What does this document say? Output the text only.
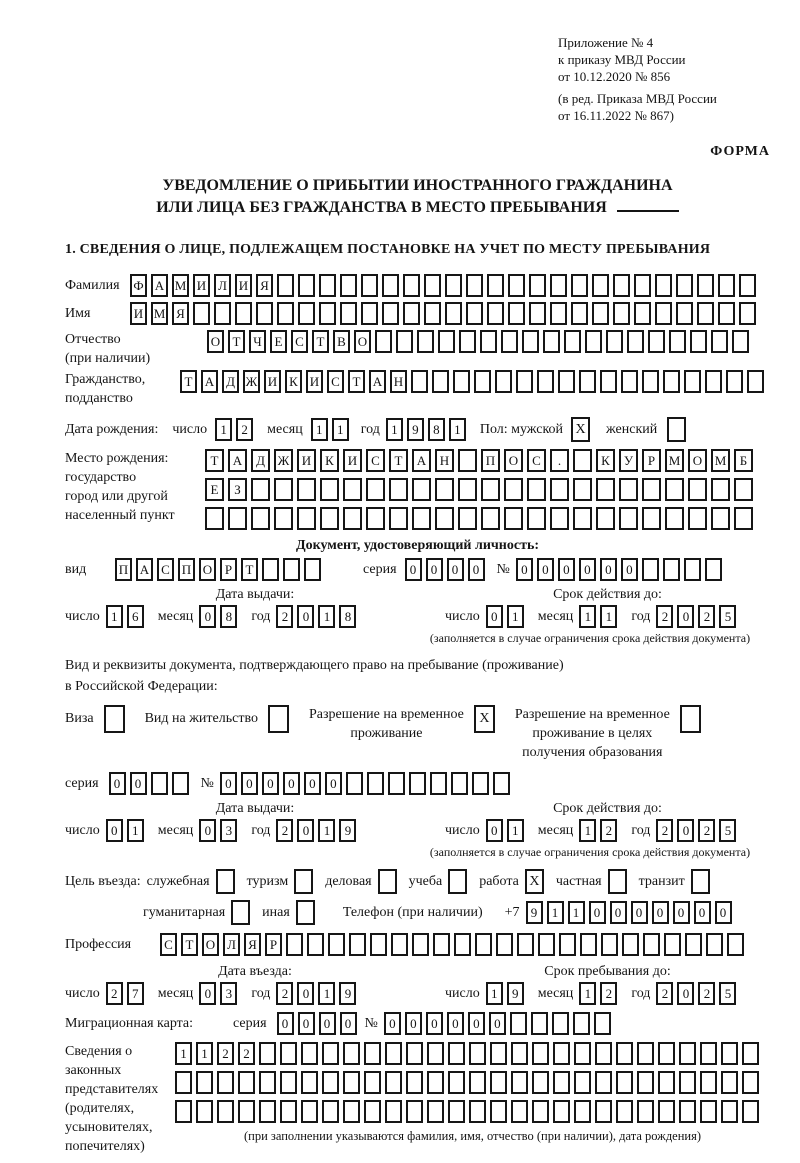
Приложение № 4
к приказу МВД России
от 10.12.2020 № 856
(в ред. Приказа МВД России
от 16.11.2022 № 867)
ФОРМА
УВЕДОМЛЕНИЕ О ПРИБЫТИИ ИНОСТРАННОГО ГРАЖДАНИНА
ИЛИ ЛИЦА БЕЗ ГРАЖДАНСТВА В МЕСТО ПРЕБЫВАНИЯ
1. СВЕДЕНИЯ О ЛИЦЕ, ПОДЛЕЖАЩЕМ ПОСТАНОВКЕ НА УЧЕТ ПО МЕСТУ ПРЕБЫВАНИЯ
Фамилия	Ф А М И Л И Я
Имя	И М Я
Отчество
(при наличии)
О Т Ч Е С Т В О
Гражданство,
подданство
Т А Д Ж И К И С Т А Н
Дата рождения: число	1	2	месяц	1	1	год 1	9	8	1	Пол: мужской X	женский
Место рождения:
государство
город или другой
населенный пункт
Т	А	Д Ж И	К	И	С	Т	А	Н	П	О	С	.	К	У	Р	М О М	Б
Е	З
Документ, удостоверяющий личность:
вид	П А С П О Р	Т	серия	0	0	0	0	№ 0	0	0	0	0	0
Дата выдачи:
число 1	6	месяц 0	8	год 2	0	1	8
Срок действия до:
число 0	1	месяц 1	1	год 2	0	2	5
(заполняется в случае ограничения срока действия документа)
Вид и реквизиты документа, подтверждающего право на пребывание (проживание)
в Российской Федерации:
Виза	Вид на жительство	Разрешение на временное
проживание
X	Разрешение на временное
проживание в целях
получения образования
серия	0	0	№ 0	0	0	0	0	0
Дата выдачи:
число 0	1	месяц 0	3	год 2	0	1	9
Срок действия до:
число 0	1	месяц 1	2	год 2	0	2	5
(заполняется в случае ограничения срока действия документа)
Цель въезда: служебная	туризм	деловая	учеба	работа X	частная	транзит
гуманитарная	иная	Телефон (при наличии) +7 9	1	1	0	0	0	0	0	0	0
Профессия	С Т О Л Я	Р
Дата въезда:
число 2	7	месяц 0	3	год 2	0	1	9
Срок пребывания до:
число 1	9	месяц 1	2	год 2	0	2	5
Миграционная карта:	серия	0	0	0	0 № 0	0	0	0	0	0
Сведения о
законных
представителях
(родителях,
усыновителях,
попечителях)
1	1	2	2
(при заполнении указываются фамилия, имя, отчество (при наличии), дата рождения)
